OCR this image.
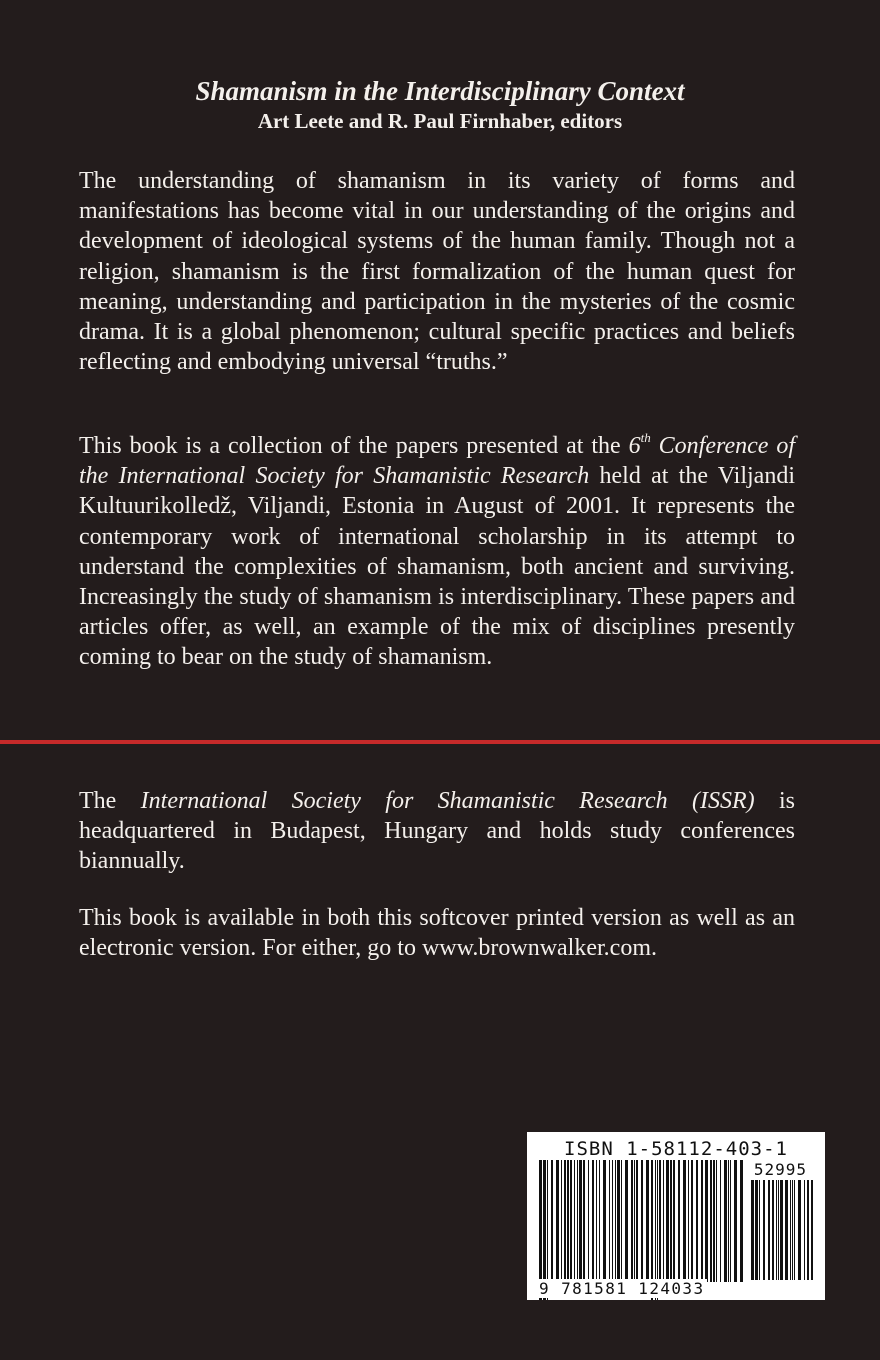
Shamanism in the Interdisciplinary Context
Art Leete and R. Paul Firnhaber, editors

The understanding of shamanism in its variety of forms and manifestations has become vital in our understanding of the origins and development of ideological systems of the human family. Though not a religion, shamanism is the first formalization of the human quest for meaning, understanding and participation in the mysteries of the cosmic drama. It is a global phenomenon; cultural specific practices and beliefs reflecting and embodying universal “truths.”

This book is a collection of the papers presented at the 6th Conference of the International Society for Shamanistic Research held at the Viljandi Kultuurikolledž, Viljandi, Estonia in August of 2001. It represents the contemporary work of international scholarship in its attempt to understand the complexities of shamanism, both ancient and surviving. Increasingly the study of shamanism is interdisciplinary. These papers and articles offer, as well, an example of the mix of disciplines presently coming to bear on the study of shamanism.

The International Society for Shamanistic Research (ISSR) is headquartered in Budapest, Hungary and holds study conferences biannually.

This book is available in both this softcover printed version as well as an electronic version. For either, go to www.brownwalker.com.

ISBN 1-58112-403-1
52995
9 781581 124033
